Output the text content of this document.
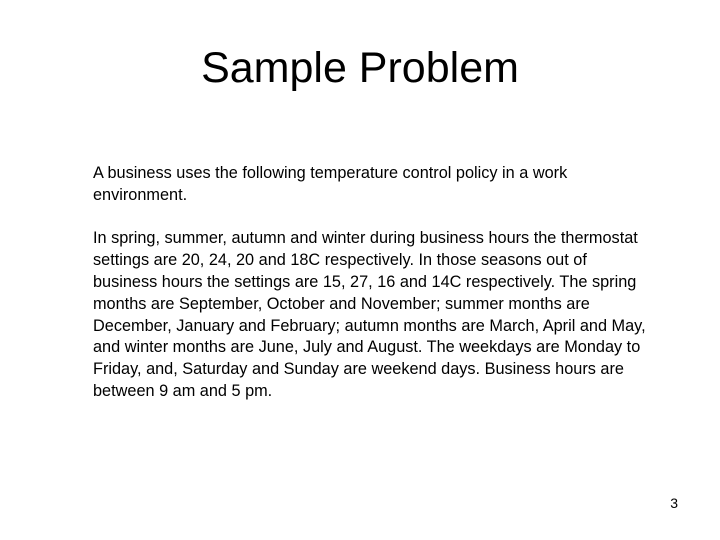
Sample Problem

A business uses the following temperature control policy in a work environment.

In spring, summer, autumn and winter during business hours the thermostat settings are 20, 24, 20 and 18C respectively. In those seasons out of business hours the settings are 15, 27, 16 and 14C respectively. The spring months are September, October and November; summer months are December, January and February; autumn months are March, April and May, and winter months are June, July and August. The weekdays are Monday to Friday, and, Saturday and Sunday are weekend days. Business hours are between 9 am and 5 pm.

3
